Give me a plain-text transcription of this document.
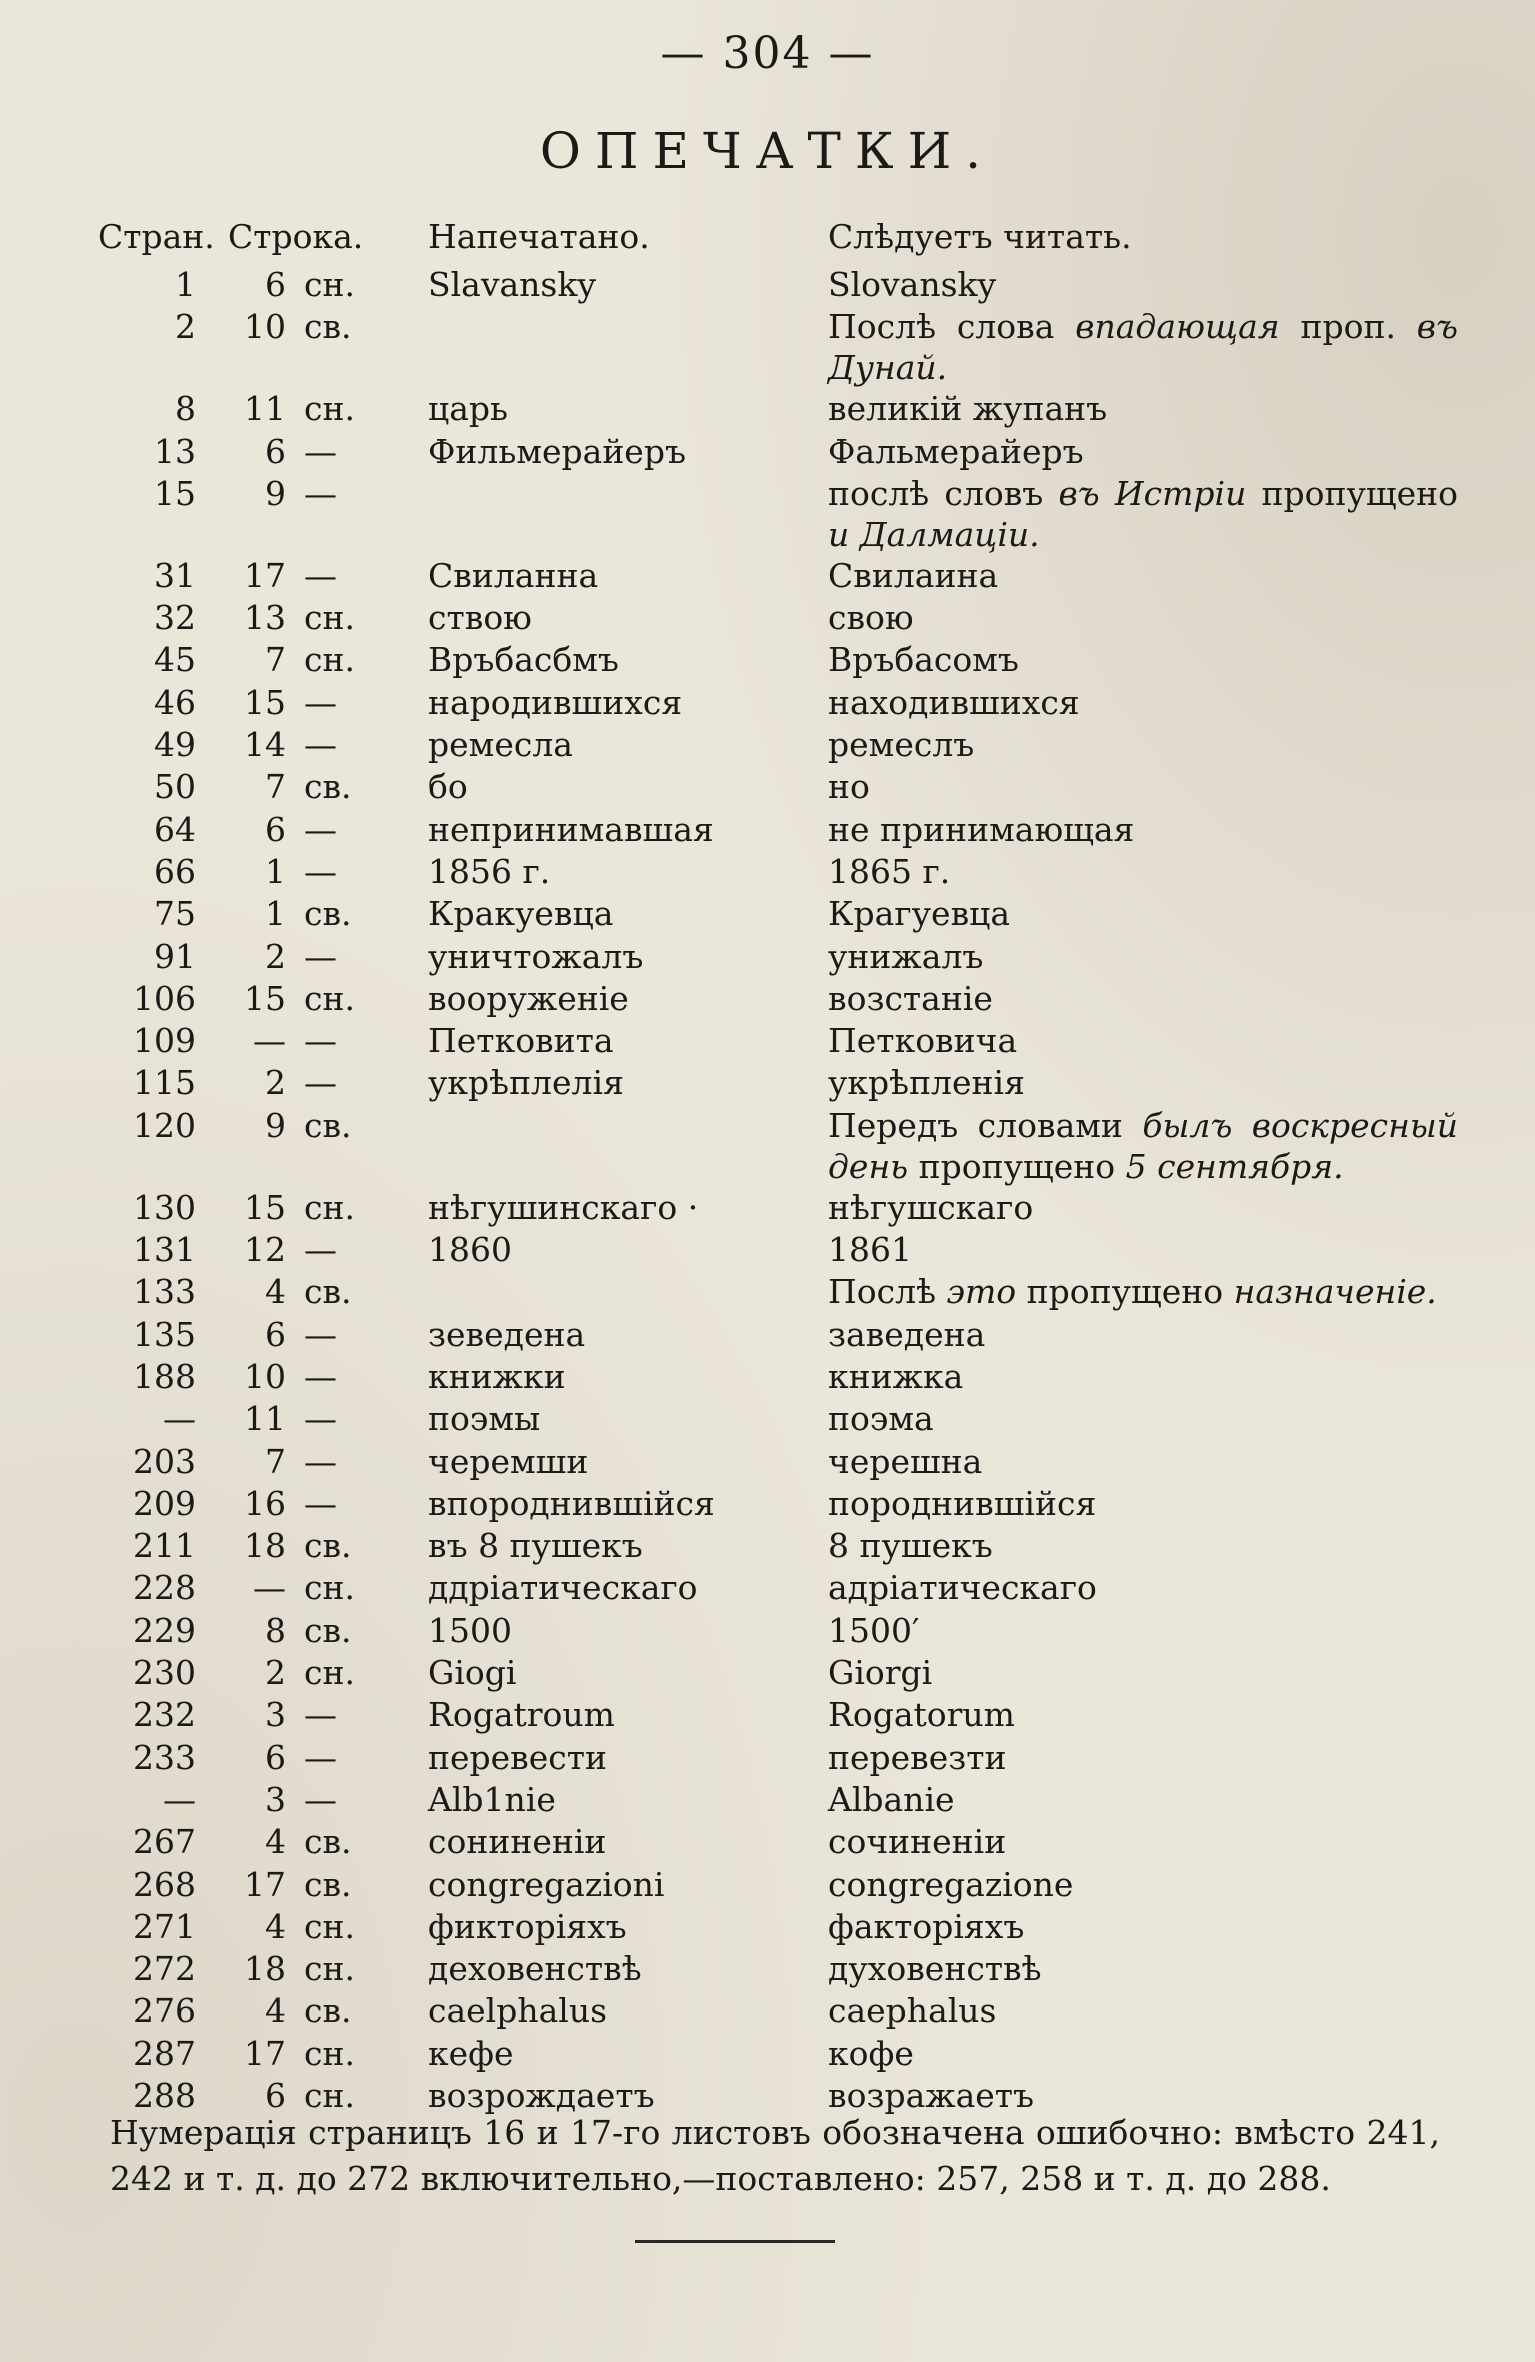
— 304 —
ОПЕЧАТКИ.
Стран.	Строка.	Напечатано.	Слѣдуетъ читать.
1	6 сн.	Slavansky	Slovansky
2	10 св.		Послѣ слова впадающая проп. въ Дунай.
8	11 сн.	царь	великій жупанъ
13	6 —	Фильмерайеръ	Фальмерайеръ
15	9 —		послѣ словъ въ Истріи пропущено и Далмаціи.
31	17 —	Свиланна	Свилаина
32	13 сн.	ствою	свою
45	7 сн.	Връбасбмъ	Връбасомъ
46	15 —	народившихся	находившихся
49	14 —	ремесла	ремеслъ
50	7 св.	бо	но
64	6 —	непринимавшая	не принимающая
66	1 —	1856 г.	1865 г.
75	1 св.	Кракуевца	Крагуевца
91	2 —	уничтожалъ	унижалъ
106	15 сн.	вооруженіе	возстаніе
109	— —	Петковита	Петковича
115	2 —	укрѣплелія	укрѣпленія
120	9 св.		Передъ словами былъ воскресный день пропущено 5 сентября.
130	15 сн.	нѣгушинскаго ·	нѣгушскаго
131	12 —	1860	1861
133	4 св.		Послѣ это пропущено назначеніе.
135	6 —	зеведена	заведена
188	10 —	книжки	книжка
—	11 —	поэмы	поэма
203	7 —	черемши	черешна
209	16 —	впороднившійся	породнившійся
211	18 св.	въ 8 пушекъ	8 пушекъ
228	— сн.	ддріатическаго	адріатическаго
229	8 св.	1500	1500′
230	2 сн.	Giogi	Giorgi
232	3 —	Rogatroum	Rogatorum
233	6 —	перевести	перевезти
—	3 —	Alb1nie	Albanie
267	4 св.	сониненіи	сочиненіи
268	17 св.	congregazioni	congregazione
271	4 сн.	фикторіяхъ	факторіяхъ
272	18 сн.	деховенствѣ	духовенствѣ
276	4 св.	caelphalus	caephalus
287	17 сн.	кефе	кофе
288	6 сн.	возрождаетъ	возражаетъ
Нумерація страницъ 16 и 17-го листовъ обозначена ошибочно: вмѣсто 241, 242 и т. д. до 272 включительно,—поставлено: 257, 258 и т. д. до 288.
